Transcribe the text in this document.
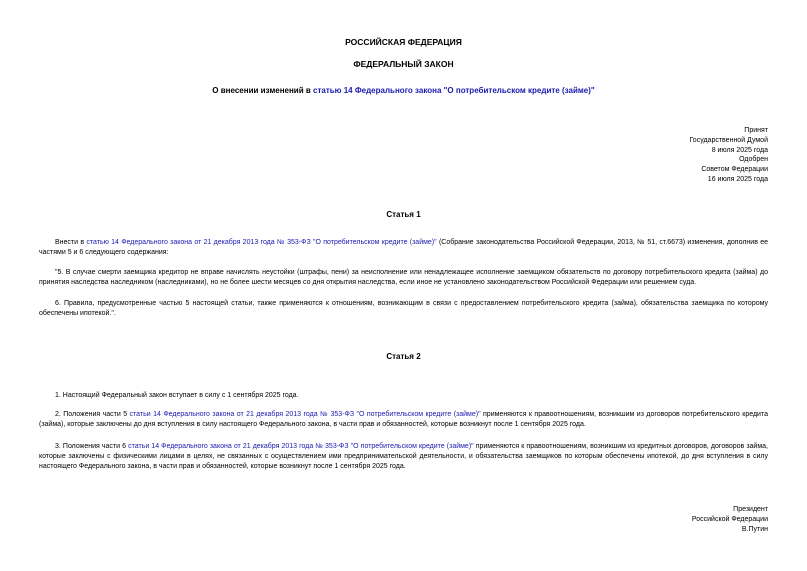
РОССИЙСКАЯ ФЕДЕРАЦИЯ
ФЕДЕРАЛЬНЫЙ ЗАКОН
О внесении изменений в статью 14 Федерального закона "О потребительском кредите (займе)"
Принят
Государственной Думой
8 июля 2025 года
Одобрен
Советом Федерации
16 июля 2025 года
Статья 1
Внести в статью 14 Федерального закона от 21 декабря 2013 года № 353-ФЗ "О потребительском кредите (займе)" (Собрание законодательства Российской Федерации, 2013, № 51, ст.6673) изменения, дополнив ее частями 5 и 6 следующего содержания:
"5. В случае смерти заемщика кредитор не вправе начислять неустойки (штрафы, пени) за неисполнение или ненадлежащее исполнение заемщиком обязательств по договору потребительского кредита (займа) до принятия наследства наследником (наследниками), но не более шести месяцев со дня открытия наследства, если иное не установлено законодательством Российской Федерации или решением суда.
6. Правила, предусмотренные частью 5 настоящей статьи, также применяются к отношениям, возникающим в связи с предоставлением потребительского кредита (займа), обязательства заемщика по которому обеспечены ипотекой.".
Статья 2
1. Настоящий Федеральный закон вступает в силу с 1 сентября 2025 года.
2. Положения части 5 статьи 14 Федерального закона от 21 декабря 2013 года № 353-ФЗ "О потребительском кредите (займе)" применяются к правоотношениям, возникшим из договоров потребительского кредита (займа), которые заключены до дня вступления в силу настоящего Федерального закона, в части прав и обязанностей, которые возникнут после 1 сентября 2025 года.
3. Положения части 6 статьи 14 Федерального закона от 21 декабря 2013 года № 353-ФЗ "О потребительском кредите (займе)" применяются к правоотношениям, возникшим из кредитных договоров, договоров займа, которые заключены с физическими лицами в целях, не связанных с осуществлением ими предпринимательской деятельности, и обязательства заемщиков по которым обеспечены ипотекой, до дня вступления в силу настоящего Федерального закона, в части прав и обязанностей, которые возникнут после 1 сентября 2025 года.
Президент
Российской Федерации
В.Путин
